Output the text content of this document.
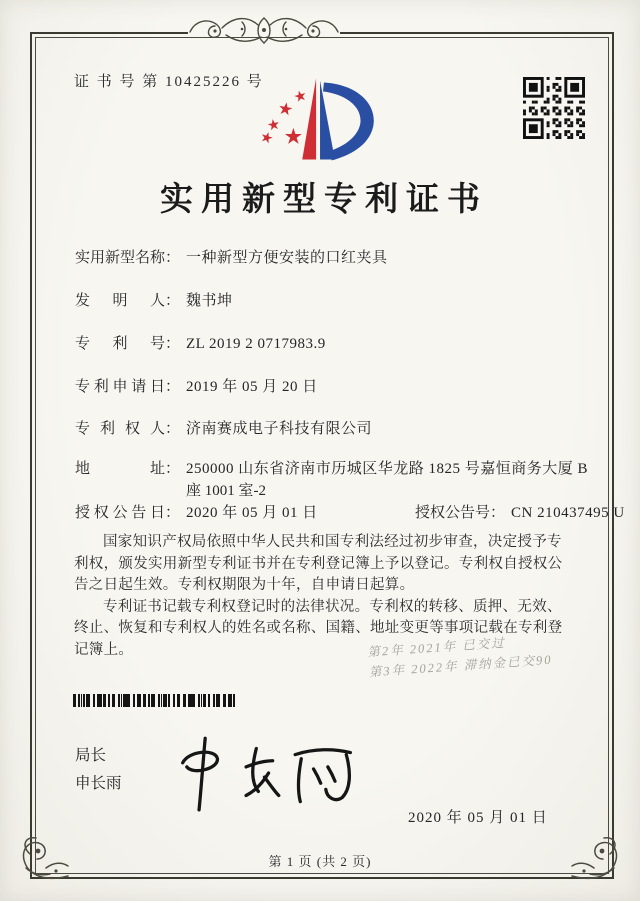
证 书 号 第 10425226 号
实用新型专利证书
实用新型名称： 一种新型方便安装的口红夹具
发明人： 魏书坤
专利号： ZL 2019 2 0717983.9
专利申请日： 2019 年 05 月 20 日
专利权人： 济南赛成电子科技有限公司
地址： 250000 山东省济南市历城区华龙路 1825 号嘉恒商务大厦 B
座 1001 室-2
授权公告日： 2020 年 05 月 01 日	授权公告号： CN 210437495 U

国家知识产权局依照中华人民共和国专利法经过初步审查，决定授予专利权，颁发实用新型专利证书并在专利登记簿上予以登记。专利权自授权公告之日起生效。专利权期限为十年，自申请日起算。

专利证书记载专利权登记时的法律状况。专利权的转移、质押、无效、终止、恢复和专利权人的姓名或名称、国籍、地址变更等事项记载在专利登记簿上。	第2年 2021年 已交过
第3年 2022年 滞纳金已交90
局长
申长雨
2020 年 05 月 01 日
第 1 页 (共 2 页)
